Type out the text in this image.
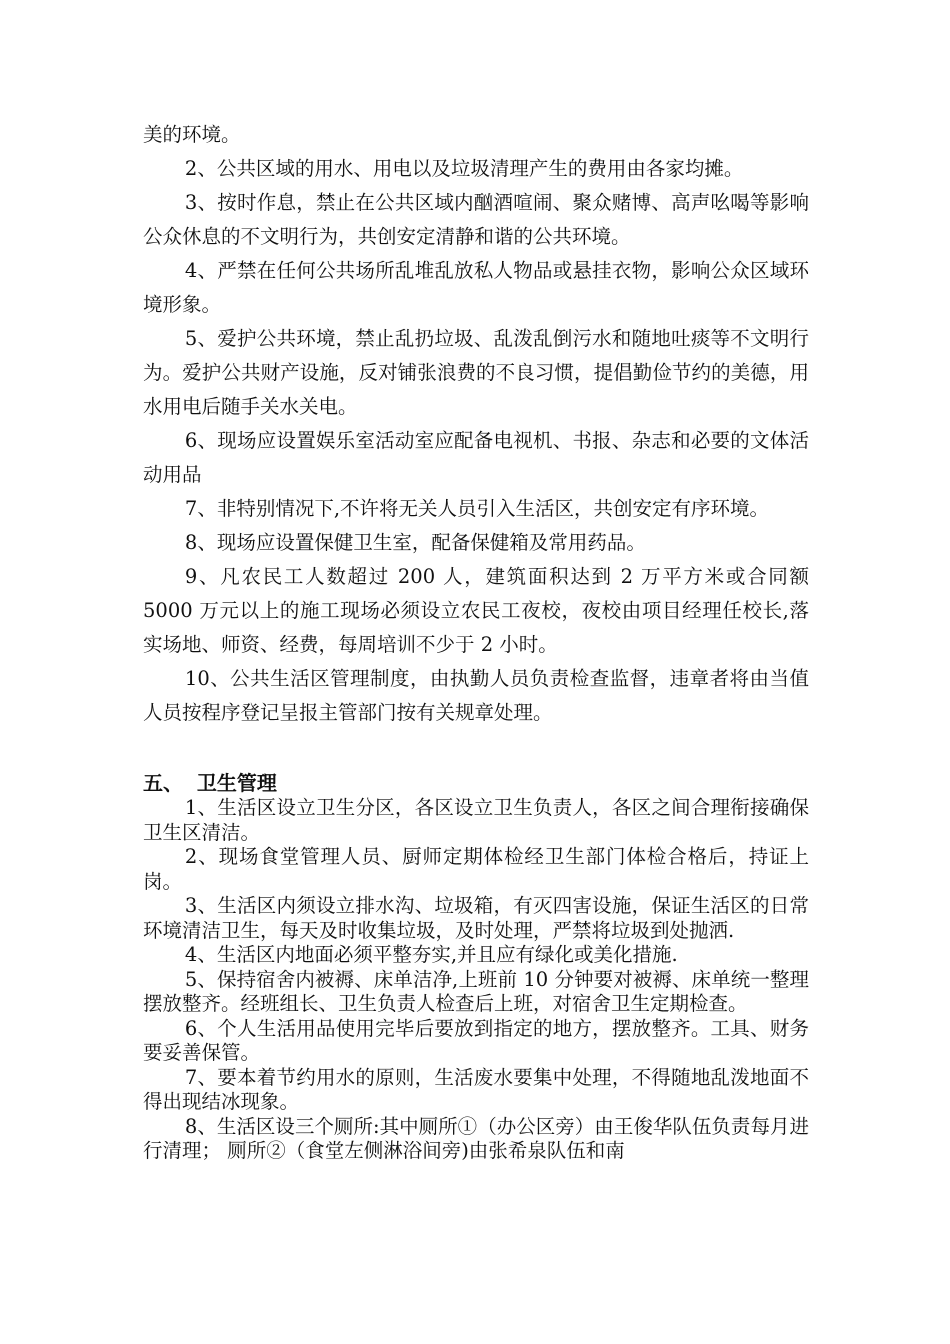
美的环境。

2、公共区域的用水、用电以及垃圾清理产生的费用由各家均摊。

3、按时作息，禁止在公共区域内酗酒喧闹、聚众赌博、高声吆喝等影响公众休息的不文明行为，共创安定清静和谐的公共环境。

4、严禁在任何公共场所乱堆乱放私人物品或悬挂衣物，影响公众区域环境形象。

5、爱护公共环境，禁止乱扔垃圾、乱泼乱倒污水和随地吐痰等不文明行为。爱护公共财产设施，反对铺张浪费的不良习惯，提倡勤俭节约的美德，用水用电后随手关水关电。

6、现场应设置娱乐室活动室应配备电视机、书报、杂志和必要的文体活动用品

7、非特别情况下,不许将无关人员引入生活区，共创安定有序环境。

8、现场应设置保健卫生室，配备保健箱及常用药品。

9、凡农民工人数超过 200 人，建筑面积达到 2 万平方米或合同额 5000 万元以上的施工现场必须设立农民工夜校，夜校由项目经理任校长,落实场地、师资、经费，每周培训不少于 2 小时。

10、公共生活区管理制度，由执勤人员负责检查监督，违章者将由当值人员按程序登记呈报主管部门按有关规章处理。

五、  卫生管理

1、生活区设立卫生分区，各区设立卫生负责人，各区之间合理衔接确保卫生区清洁。

2、现场食堂管理人员、厨师定期体检经卫生部门体检合格后，持证上岗。

3、生活区内须设立排水沟、垃圾箱，有灭四害设施，保证生活区的日常环境清洁卫生，每天及时收集垃圾，及时处理，严禁将垃圾到处抛洒.

4、生活区内地面必须平整夯实,并且应有绿化或美化措施.

5、保持宿舍内被褥、床单洁净,上班前 10 分钟要对被褥、床单统一整理摆放整齐。经班组长、卫生负责人检查后上班，对宿舍卫生定期检查。

6、个人生活用品使用完毕后要放到指定的地方，摆放整齐。工具、财务要妥善保管。

7、要本着节约用水的原则，生活废水要集中处理，不得随地乱泼地面不得出现结冰现象。

8、生活区设三个厕所:其中厕所①（办公区旁）由王俊华队伍负责每月进行清理； 厕所②（食堂左侧淋浴间旁)由张希泉队伍和南
